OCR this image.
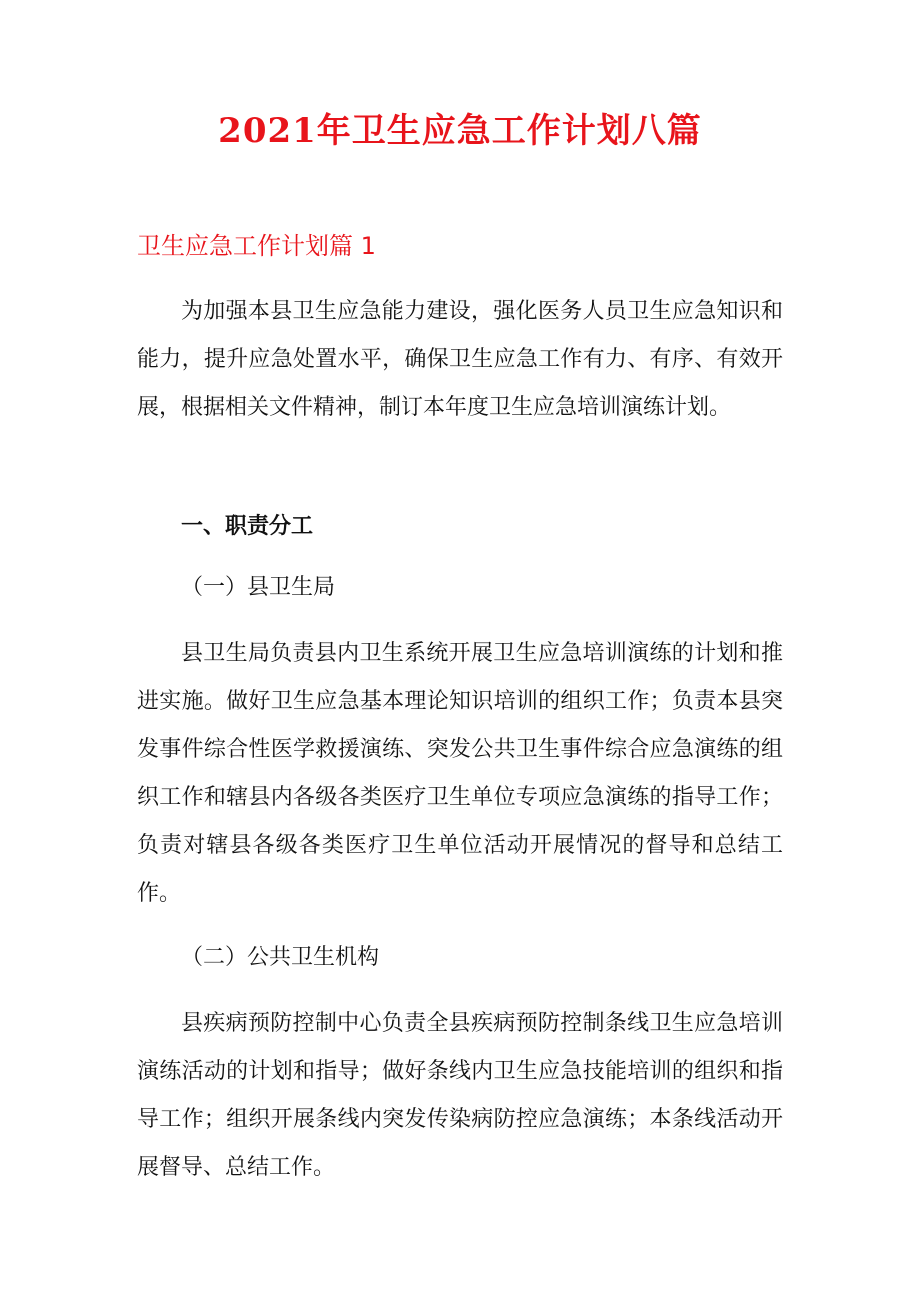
2021年卫生应急工作计划八篇
卫生应急工作计划篇 1

为加强本县卫生应急能力建设，强化医务人员卫生应急知识和能力，提升应急处置水平，确保卫生应急工作有力、有序、有效开展，根据相关文件精神，制订本年度卫生应急培训演练计划。

一、职责分工
（一）县卫生局

县卫生局负责县内卫生系统开展卫生应急培训演练的计划和推进实施。做好卫生应急基本理论知识培训的组织工作；负责本县突发事件综合性医学救援演练、突发公共卫生事件综合应急演练的组织工作和辖县内各级各类医疗卫生单位专项应急演练的指导工作；负责对辖县各级各类医疗卫生单位活动开展情况的督导和总结工作。

（二）公共卫生机构

县疾病预防控制中心负责全县疾病预防控制条线卫生应急培训演练活动的计划和指导；做好条线内卫生应急技能培训的组织和指导工作；组织开展条线内突发传染病防控应急演练；本条线活动开展督导、总结工作。
